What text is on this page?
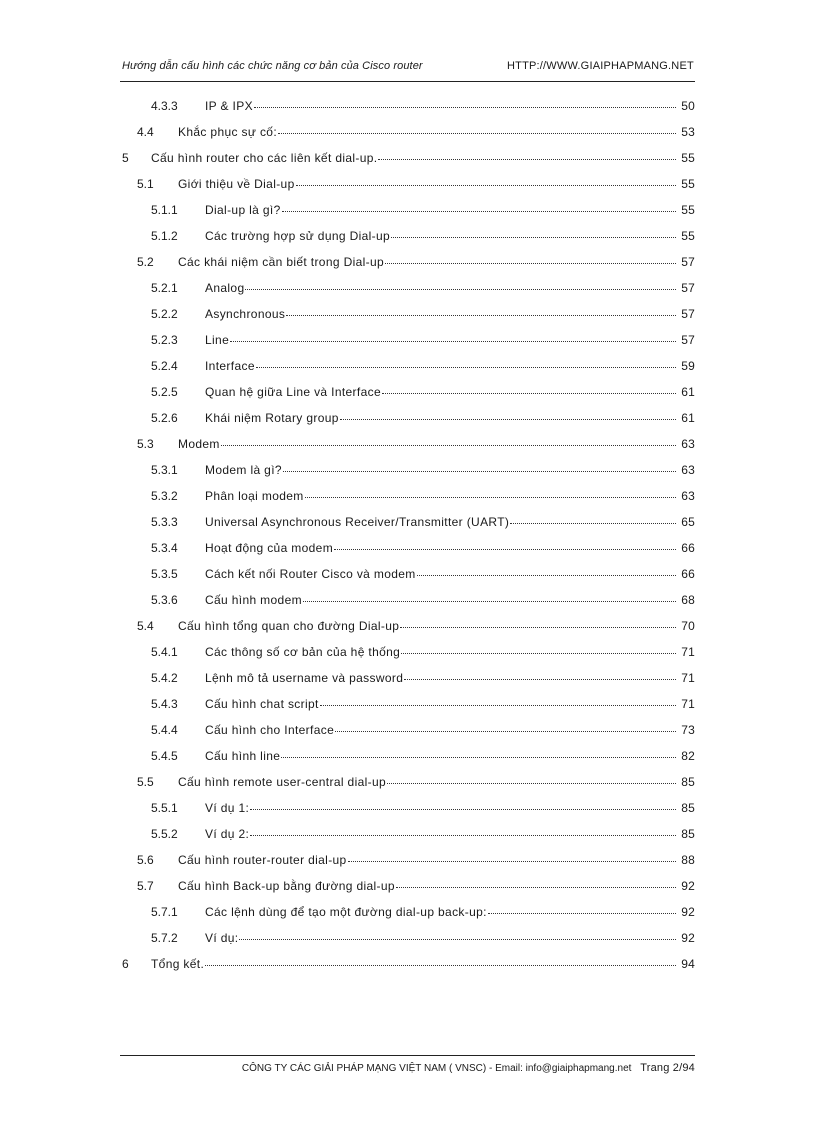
Hướng dẫn cấu hình các chức năng cơ bản của Cisco router	HTTP://WWW.GIAIPHAPMANG.NET
4.3.3	IP & IPX	50
4.4	Khắc phục sự cố:	53
5	Cấu hình router cho các liên kết dial-up.	55
5.1	Giới thiệu về Dial-up	55
5.1.1	Dial-up là gì?	55
5.1.2	Các trường hợp sử dụng Dial-up	55
5.2	Các khái niệm cần biết trong Dial-up	57
5.2.1	Analog	57
5.2.2	Asynchronous	57
5.2.3	Line	57
5.2.4	Interface	59
5.2.5	Quan hệ giữa Line và Interface	61
5.2.6	Khái niệm Rotary group	61
5.3	Modem	63
5.3.1	Modem là gì?	63
5.3.2	Phân loại modem	63
5.3.3	Universal Asynchronous Receiver/Transmitter (UART)	65
5.3.4	Hoạt động của modem	66
5.3.5	Cách kết nối Router Cisco và modem	66
5.3.6	Cấu hình modem	68
5.4	Cấu hình tổng quan cho đường Dial-up	70
5.4.1	Các thông số cơ bản của hệ thống	71
5.4.2	Lệnh mô tả username và password	71
5.4.3	Cấu hình chat script	71
5.4.4	Cấu hình cho Interface	73
5.4.5	Cấu hình line	82
5.5	Cấu hình remote user-central dial-up	85
5.5.1	Ví dụ 1:	85
5.5.2	Ví dụ 2:	85
5.6	Cấu hình router-router dial-up	88
5.7	Cấu hình Back-up bằng đường dial-up	92
5.7.1	Các lệnh dùng để tạo một đường dial-up back-up:	92
5.7.2	Ví dụ:	92
6	Tổng kết.	94
CÔNG TY CÁC GIẢI PHÁP MẠNG VIỆT NAM ( VNSC) - Email: info@giaiphapmang.net Trang 2/94
